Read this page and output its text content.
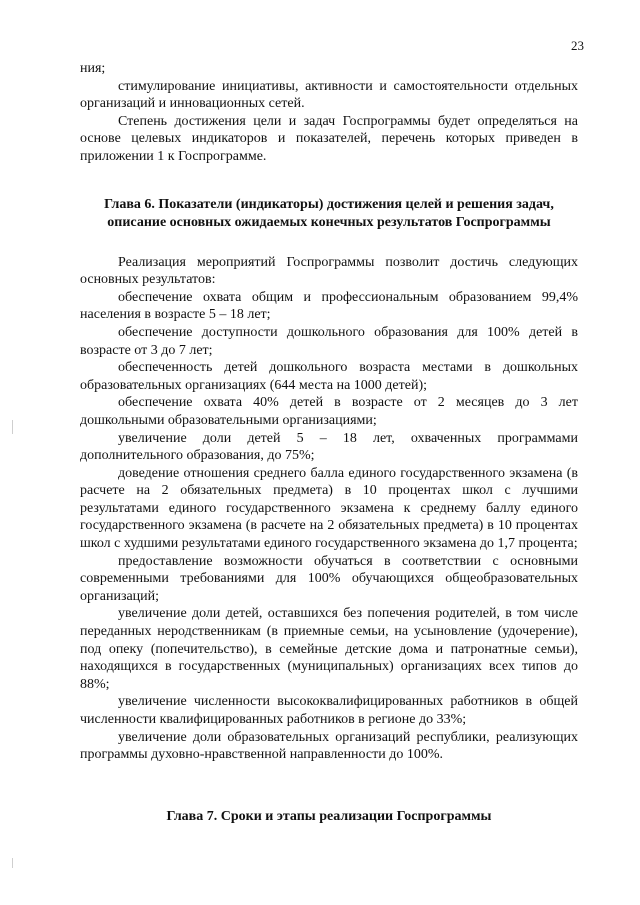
23

ния;

стимулирование инициативы, активности и самостоятельности отдельных организаций и инновационных сетей.

Степень достижения цели и задач Госпрограммы будет определяться на основе целевых индикаторов и показателей, перечень которых приведен в приложении 1 к Госпрограмме.

Глава 6. Показатели (индикаторы) достижения целей и решения задач,

описание основных ожидаемых конечных результатов Госпрограммы

Реализация мероприятий Госпрограммы позволит достичь следующих основных результатов:

обеспечение охвата общим и профессиональным образованием 99,4% населения в возрасте 5 – 18 лет;

обеспечение доступности дошкольного образования для 100% детей в возрасте от 3 до 7 лет;

обеспеченность детей дошкольного возраста местами в дошкольных образовательных организациях (644 места на 1000 детей);

обеспечение охвата 40% детей в возрасте от 2 месяцев до 3 лет дошкольными образовательными организациями;

увеличение доли детей 5 – 18 лет, охваченных программами дополнительного образования, до 75%;

доведение отношения среднего балла единого государственного экзамена (в расчете на 2 обязательных предмета) в 10 процентах школ с лучшими результатами единого государственного экзамена к среднему баллу единого государственного экзамена (в расчете на 2 обязательных предмета) в 10 процентах школ с худшими результатами единого государственного экзамена до 1,7 процента;

предоставление возможности обучаться в соответствии с основными современными требованиями для 100% обучающихся общеобразовательных организаций;

увеличение доли детей, оставшихся без попечения родителей, в том числе переданных неродственникам (в приемные семьи, на усыновление (удочерение), под опеку (попечительство), в семейные детские дома и патронатные семьи), находящихся в государственных (муниципальных) организациях всех типов до 88%;

увеличение численности высококвалифицированных работников в общей численности квалифицированных работников в регионе до 33%;

увеличение доли образовательных организаций республики, реализующих программы духовно-нравственной направленности до 100%.

Глава 7. Сроки и этапы реализации Госпрограммы
